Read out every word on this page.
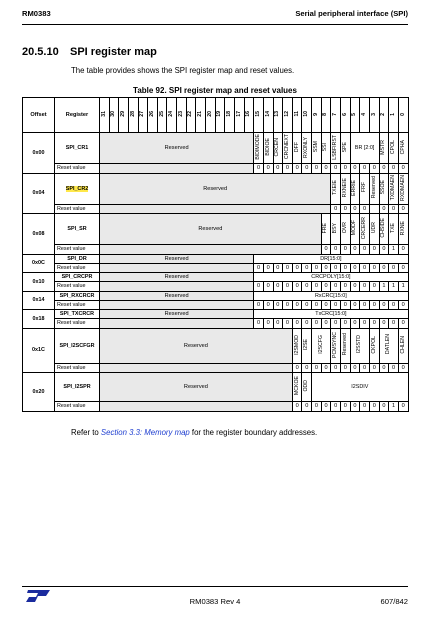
RM0383	Serial peripheral interface (SPI)
20.5.10 SPI register map
The table provides shows the SPI register map and reset values.
Table 92. SPI register map and reset values
Offset	Register	31	30	29	28	27	26	25	24	23	22	21	20	19	18	17	16	15	14	13	12	11	10	9	8	7	6	5	4	3	2	1	0
0x00	SPI_CR1	Reserved																BIDIMODE	BIDIOE	CRCEN	CRCNEXT	DFF	RXONLY	SSM	SSI	LSBFIRST	SPE	BR [2:0]			MSTR	CPOL	CPHA
	Reset value																	0	0	0	0	0	0	0	0	0	0	0	0	0	0	0	0
0x04	SPI_CR2	Reserved																								TXEIE	RXNEIE	ERRIE	FRF	Reserved	SSOE	TXDMAEN	RXDMAEN
	Reset value																									0	0	0	0		0	0	0
0x08	SPI_SR	Reserved																							FRE	BSY	OVR	MODF	CRCERR	UDR	CHSIDE	TXE	RXNE
	Reset value																								0	0	0	0	0	0	0	1	0
0x0C	SPI_DR	Reserved																DR[15:0]															
	Reset value																	0	0	0	0	0	0	0	0	0	0	0	0	0	0	0	0
0x10	SPI_CRCPR	Reserved																CRCPOLY[15:0]															
	Reset value																	0	0	0	0	0	0	0	0	0	0	0	0	0	1	1	1
0x14	SPI_RXCRCR	Reserved																RxCRC[15:0]															
	Reset value																	0	0	0	0	0	0	0	0	0	0	0	0	0	0	0	0
0x18	SPI_TXCRCR	Reserved																TxCRC[15:0]															
	Reset value																	0	0	0	0	0	0	0	0	0	0	0	0	0	0	0	0
0x1C	SPI_I2SCFGR	Reserved																				I2SMOD	I2SE	I2SCFG		PCMSYNC	Reserved	I2SSTD		CKPOL	DATLEN		CHLEN
	Reset value																					0	0	0	0	0	0	0	0	0	0	0	0
0x20	SPI_I2SPR	Reserved																				MCKOE	ODD	I2SDIV									
	Reset value																					0	0	0	0	0	0	0	0	0	0	1	0
Refer to Section 3.3: Memory map for the register boundary addresses.
RM0383 Rev 4	607/842
